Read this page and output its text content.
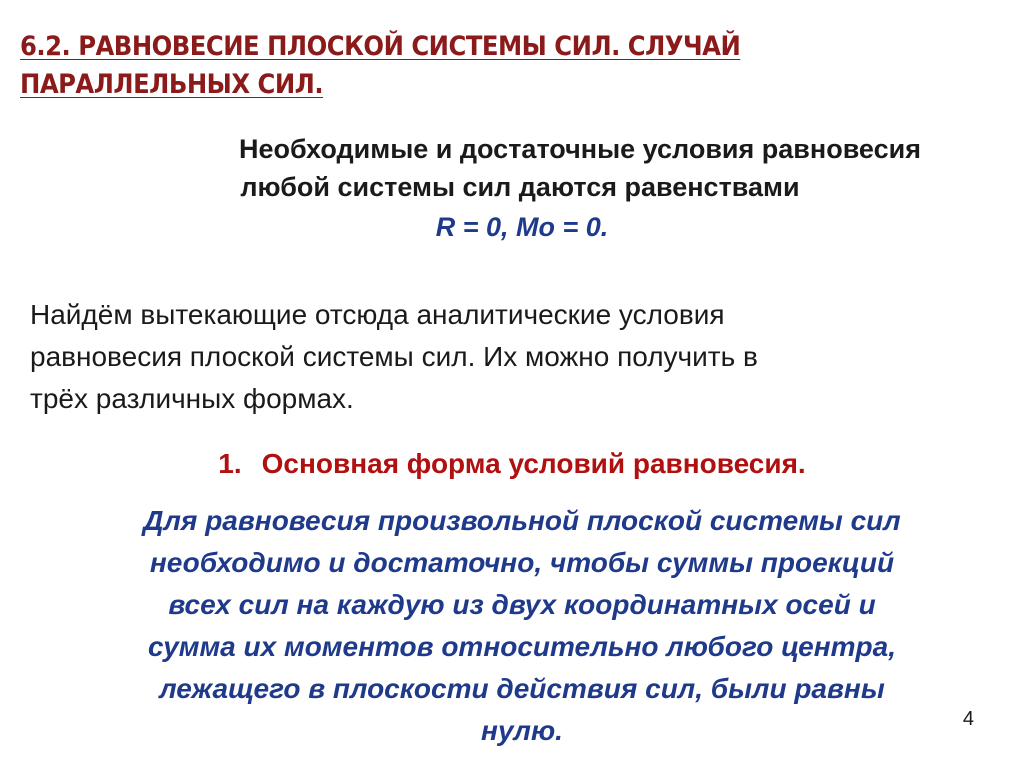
6.2. РАВНОВЕСИЕ ПЛОСКОЙ СИСТЕМЫ СИЛ. СЛУЧАЙ
ПАРАЛЛЕЛЬНЫХ СИЛ.
Необходимые и достаточные условия равновесия
любой системы сил даются равенствами
R = 0, Mо = 0.
Найдём вытекающие отсюда аналитические условия
равновесия плоской системы сил. Их можно получить в
трёх различных формах.
1. Основная форма условий равновесия.
Для равновесия произвольной плоской системы сил
необходимо и достаточно, чтобы суммы проекций
всех сил на каждую из двух координатных осей и
сумма их моментов относительно любого центра,
лежащего в плоскости действия сил, были равны
нулю.	4
